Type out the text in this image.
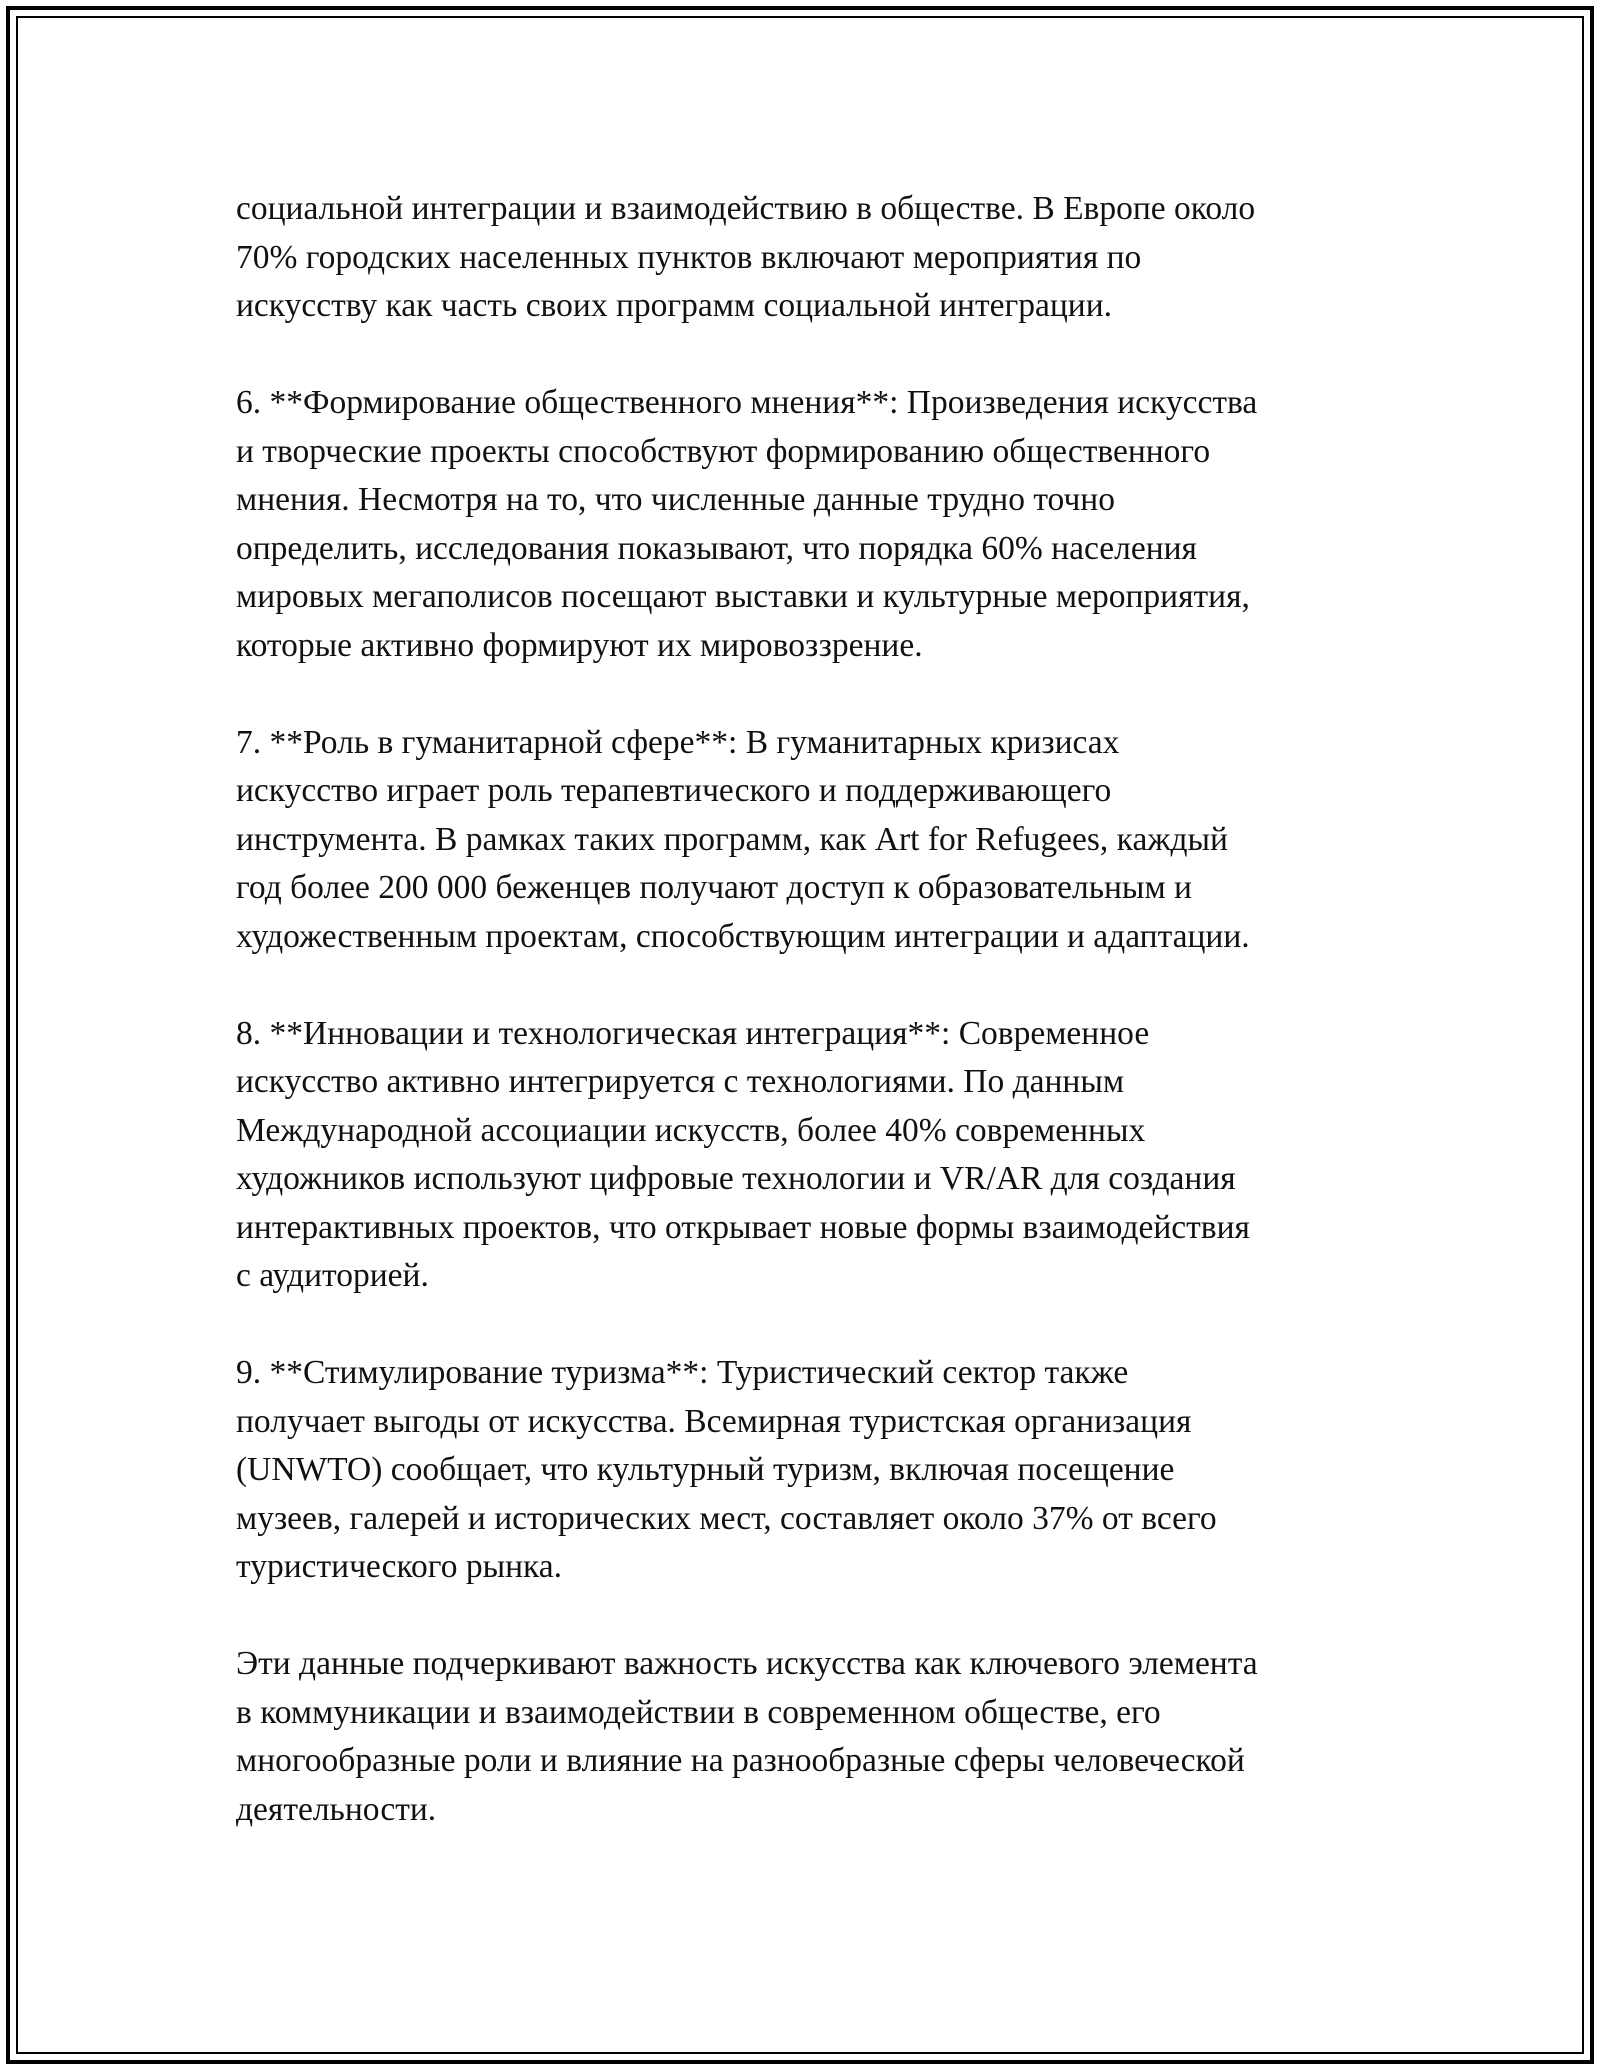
социальной интеграции и взаимодействию в обществе. В Европе около
70% городских населенных пунктов включают мероприятия по
искусству как часть своих программ социальной интеграции.

6. **Формирование общественного мнения**: Произведения искусства
и творческие проекты способствуют формированию общественного
мнения. Несмотря на то, что численные данные трудно точно
определить, исследования показывают, что порядка 60% населения
мировых мегаполисов посещают выставки и культурные мероприятия,
которые активно формируют их мировоззрение.

7. **Роль в гуманитарной сфере**: В гуманитарных кризисах
искусство играет роль терапевтического и поддерживающего
инструмента. В рамках таких программ, как Art for Refugees, каждый
год более 200 000 беженцев получают доступ к образовательным и
художественным проектам, способствующим интеграции и адаптации.

8. **Инновации и технологическая интеграция**: Современное
искусство активно интегрируется с технологиями. По данным
Международной ассоциации искусств, более 40% современных
художников используют цифровые технологии и VR/AR для создания
интерактивных проектов, что открывает новые формы взаимодействия
с аудиторией.

9. **Стимулирование туризма**: Туристический сектор также
получает выгоды от искусства. Всемирная туристская организация
(UNWTO) сообщает, что культурный туризм, включая посещение
музеев, галерей и исторических мест, составляет около 37% от всего
туристического рынка.

Эти данные подчеркивают важность искусства как ключевого элемента
в коммуникации и взаимодействии в современном обществе, его
многообразные роли и влияние на разнообразные сферы человеческой
деятельности.
